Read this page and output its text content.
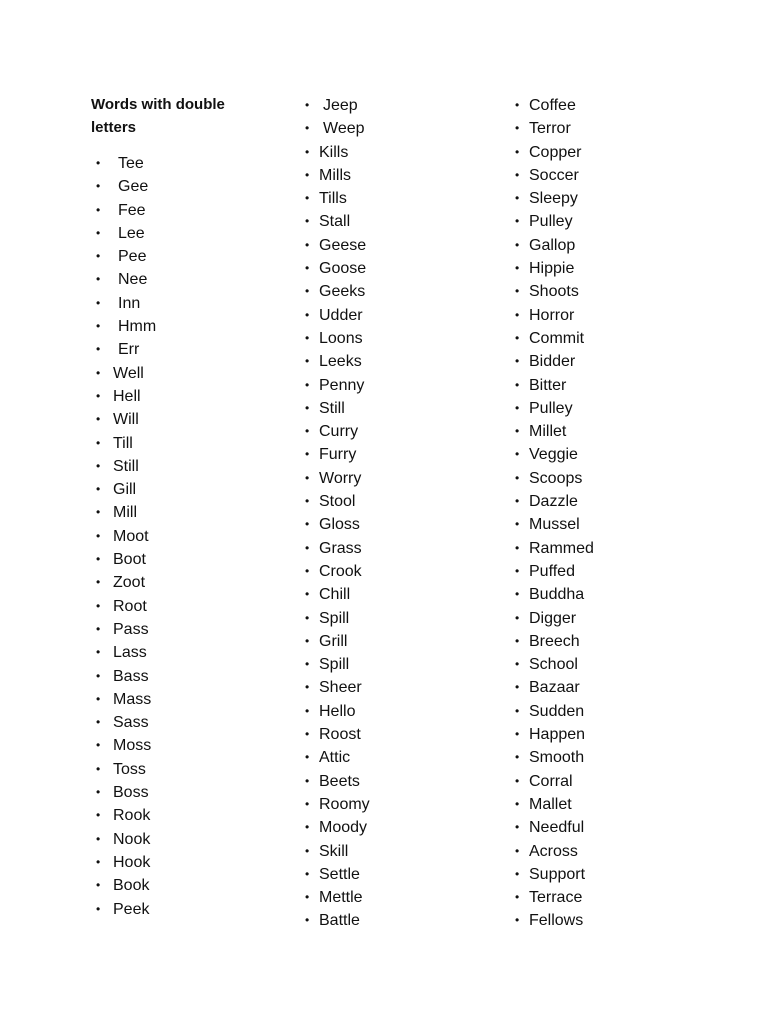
Words with double letters
• Tee
• Gee
• Fee
• Lee
• Pee
• Nee
• Inn
• Hmm
• Err
• Well
• Hell
• Will
• Till
• Still
• Gill
• Mill
• Moot
• Boot
• Zoot
• Root
• Pass
• Lass
• Bass
• Mass
• Sass
• Moss
• Toss
• Boss
• Rook
• Nook
• Hook
• Book
• Peek
• Jeep
• Weep
• Kills
• Mills
• Tills
• Stall
• Geese
• Goose
• Geeks
• Udder
• Loons
• Leeks
• Penny
• Still
• Curry
• Furry
• Worry
• Stool
• Gloss
• Grass
• Crook
• Chill
• Spill
• Grill
• Spill
• Sheer
• Hello
• Roost
• Attic
• Beets
• Roomy
• Moody
• Skill
• Settle
• Mettle
• Battle
• Coffee
• Terror
• Copper
• Soccer
• Sleepy
• Pulley
• Gallop
• Hippie
• Shoots
• Horror
• Commit
• Bidder
• Bitter
• Pulley
• Millet
• Veggie
• Scoops
• Dazzle
• Mussel
• Rammed
• Puffed
• Buddha
• Digger
• Breech
• School
• Bazaar
• Sudden
• Happen
• Smooth
• Corral
• Mallet
• Needful
• Across
• Support
• Terrace
• Fellows
